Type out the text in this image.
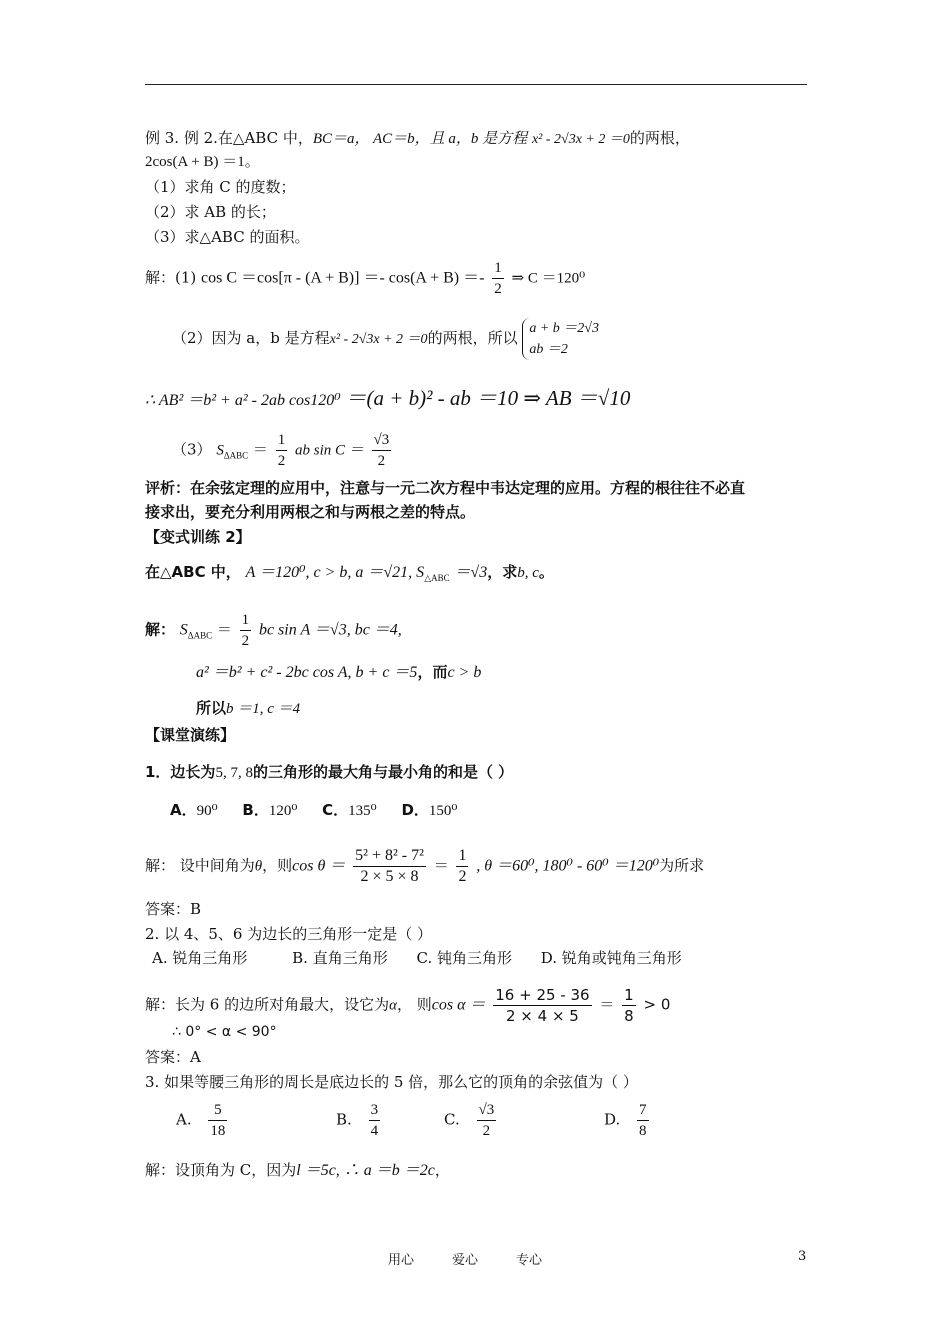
例 3. 例 2.在△ABC 中，BC＝a， AC＝b，且 a，b 是方程 x² - 2√3x + 2 ＝0的两根，
2cos(A + B) ＝1。
（1）求角 C 的度数；
（2）求 AB 的长；
（3）求△ABC 的面积。
解：(1) $\cos C =\cos[\pi - (A + B)] =- \cos(A + B) =- \frac{1}{2}$ ⇒ C ＝120⁰
（2）因为 a，b 是方程x² - 2√3x + 2 ＝0的两根，所以
a + b ＝2√3
ab ＝2
∴ AB² ＝b² + a² - 2ab cos120⁰ ＝(a + b)² - ab ＝10 ⇒ AB ＝√10
（3） $S_{\Delta ABC} = \frac{1}{2}$ ab $\sin C = \frac{√3}{2}$
评析：在余弦定理的应用中，注意与一元二次方程中韦达定理的应用。方程的根往往不必直
接求出，要充分利用两根之和与两根之差的特点。
【变式训练 2】
在△ABC 中， A ＝120⁰, c > b, a ＝√21, $S_{\triangle ABC} =√3$，求b, c。
解： $S_{\Delta ABC} = \frac{1}{2}$ bc sin A ＝√3, bc ＝4,
a² ＝b² + c² - 2bc cos A, b + c ＝5，而c > b
所以b ＝1, c ＝4
【课堂演练】
1．边长为5, 7, 8的三角形的最大角与最小角的和是（ ）
A．90⁰ B．120⁰ C．135⁰ D．150⁰
解： 设中间角为θ，则$\cos \theta = \frac{\text{5² + 8² - 7²}}{2 \times 5 \times 8} = \frac{1}{2}$ , θ ＝60⁰, 180⁰ - 60⁰ ＝120⁰为所求
答案：B
2. 以 4、5、6 为边长的三角形一定是（ ）
A. 锐角三角形	B. 直角三角形 C. 钝角三角形 D. 锐角或钝角三角形
解：长为 6 的边所对角最大，设它为α， 则$\cos \alpha = \frac{16 + 25 - 36}{2 \times 4 \times 5} = \frac{1}{8} > 0$
∴ 0° < α < 90°
答案：A
3. 如果等腰三角形的周长是底边长的 5 倍，那么它的顶角的余弦值为（ ）
A. $\frac{5}{18}$	B. $\frac{3}{4}$	C. $\frac{√3}{2}$	D. $\frac{7}{8}$
解：设顶角为 C，因为l ＝5c, ∴ a ＝b ＝2c，
用心	爱心	专心	3
